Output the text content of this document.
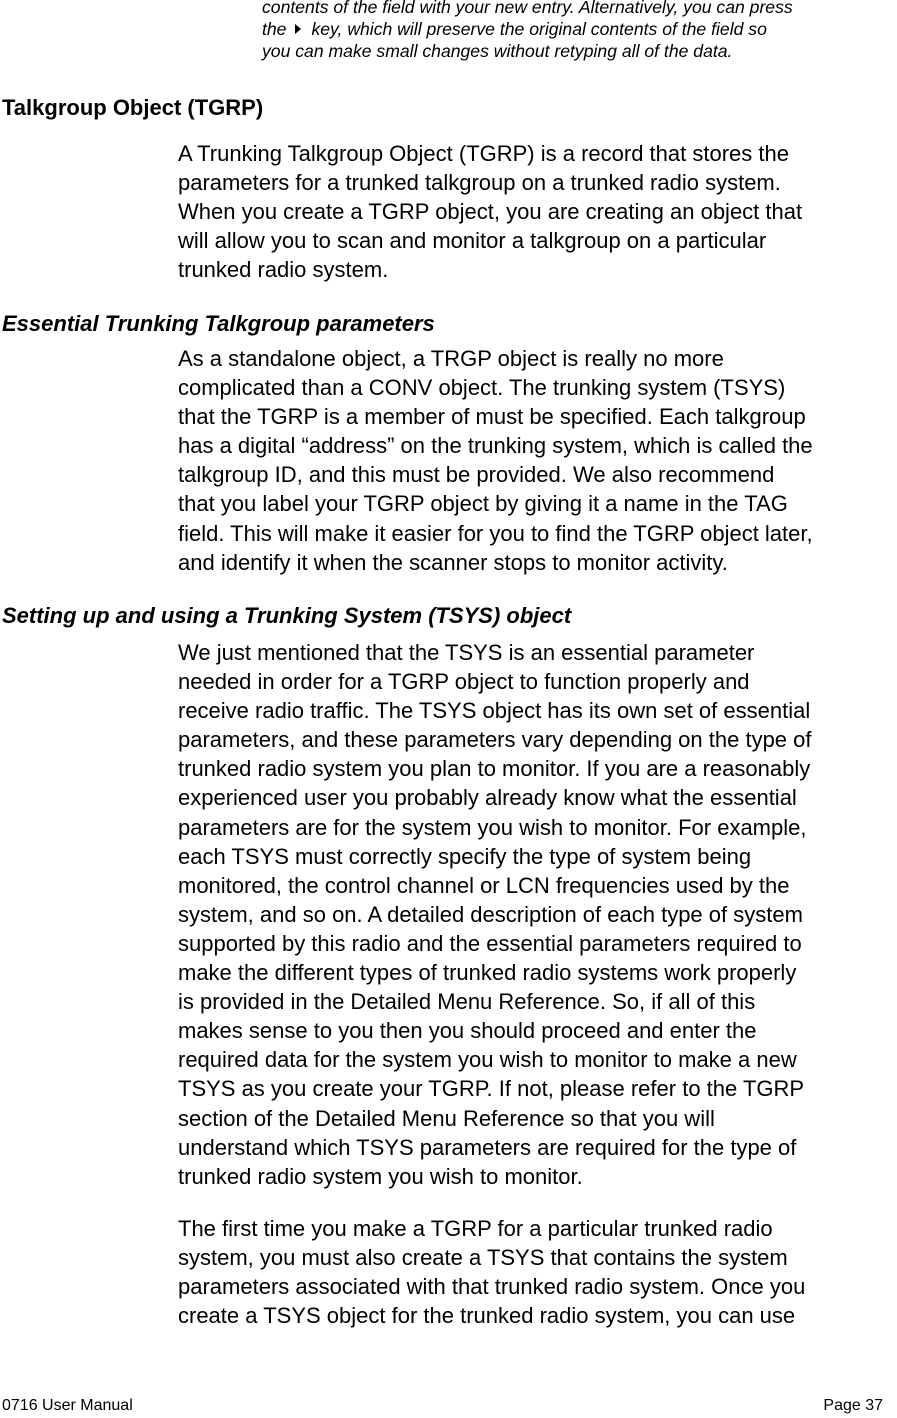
contents of the field with your new entry. Alternatively, you can press
the key, which will preserve the original contents of the field so
you can make small changes without retyping all of the data.
Talkgroup Object (TGRP)
A Trunking Talkgroup Object (TGRP) is a record that stores the
parameters for a trunked talkgroup on a trunked radio system.
When you create a TGRP object, you are creating an object that
will allow you to scan and monitor a talkgroup on a particular
trunked radio system.
Essential Trunking Talkgroup parameters
As a standalone object, a TRGP object is really no more
complicated than a CONV object. The trunking system (TSYS)
that the TGRP is a member of must be specified. Each talkgroup
has a digital “address” on the trunking system, which is called the
talkgroup ID, and this must be provided. We also recommend
that you label your TGRP object by giving it a name in the TAG
field. This will make it easier for you to find the TGRP object later,
and identify it when the scanner stops to monitor activity.
Setting up and using a Trunking System (TSYS) object
We just mentioned that the TSYS is an essential parameter
needed in order for a TGRP object to function properly and
receive radio traffic. The TSYS object has its own set of essential
parameters, and these parameters vary depending on the type of
trunked radio system you plan to monitor. If you are a reasonably
experienced user you probably already know what the essential
parameters are for the system you wish to monitor. For example,
each TSYS must correctly specify the type of system being
monitored, the control channel or LCN frequencies used by the
system, and so on. A detailed description of each type of system
supported by this radio and the essential parameters required to
make the different types of trunked radio systems work properly
is provided in the Detailed Menu Reference. So, if all of this
makes sense to you then you should proceed and enter the
required data for the system you wish to monitor to make a new
TSYS as you create your TGRP. If not, please refer to the TGRP
section of the Detailed Menu Reference so that you will
understand which TSYS parameters are required for the type of
trunked radio system you wish to monitor.
The first time you make a TGRP for a particular trunked radio
system, you must also create a TSYS that contains the system
parameters associated with that trunked radio system. Once you
create a TSYS object for the trunked radio system, you can use
0716 User Manual	Page 37
